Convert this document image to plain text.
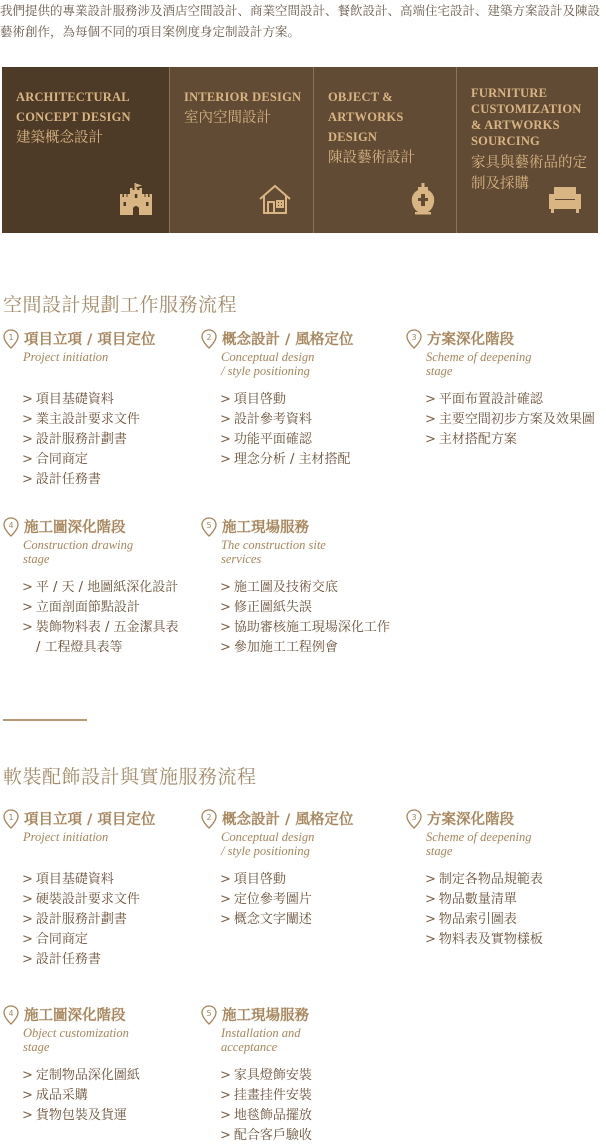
我們提供的專業設計服務涉及酒店空間設計、商業空間設計、餐飲設計、高端住宅設計、建築方案設計及陳設藝術創作，為每個不同的項目案例度身定制設計方案。
ARCHITECTURAL CONCEPT DESIGN
建築概念設計
INTERIOR DESIGN
室內空間設計
OBJECT & ARTWORKS DESIGN
陳設藝術設計
FURNITURE CUSTOMIZATION & ARTWORKS SOURCING
家具與藝術品的定制及採購
空間設計規劃工作服務流程
1 項目立項 / 項目定位
Project initiation
> 項目基礎資料
> 業主設計要求文件
> 設計服務計劃書
> 合同商定
> 設計任務書
2 概念設計 / 風格定位
Conceptual design
/ style positioning
> 項目啓動
> 設計參考資料
> 功能平面確認
> 理念分析 / 主材搭配
3 方案深化階段
Scheme of deepening
stage
> 平面布置設計確認
> 主要空間初步方案及效果圖
> 主材搭配方案
4 施工圖深化階段
Construction drawing
stage
> 平 / 天 / 地圖紙深化設計
> 立面剖面節點設計
> 裝飾物料表 / 五金潔具表
/ 工程燈具表等
5 施工現場服務
The construction site
services
> 施工圖及技術交底
> 修正圖紙失誤
> 協助審核施工現場深化工作
> 參加施工工程例會
軟裝配飾設計與實施服務流程
1 項目立項 / 項目定位
Project initiation
> 項目基礎資料
> 硬裝設計要求文件
> 設計服務計劃書
> 合同商定
> 設計任務書
2 概念設計 / 風格定位
Conceptual design
/ style positioning
> 項目啓動
> 定位參考圖片
> 概念文字闡述
3 方案深化階段
Scheme of deepening
stage
> 制定各物品規範表
> 物品數量清單
> 物品索引圖表
> 物料表及實物樣板
4 施工圖深化階段
Object customization
stage
> 定制物品深化圖紙
> 成品采購
> 貨物包裝及貨運
5 施工現場服務
Installation and
acceptance
> 家具燈飾安裝
> 挂畫挂件安裝
> 地毯飾品擺放
> 配合客戶驗收
